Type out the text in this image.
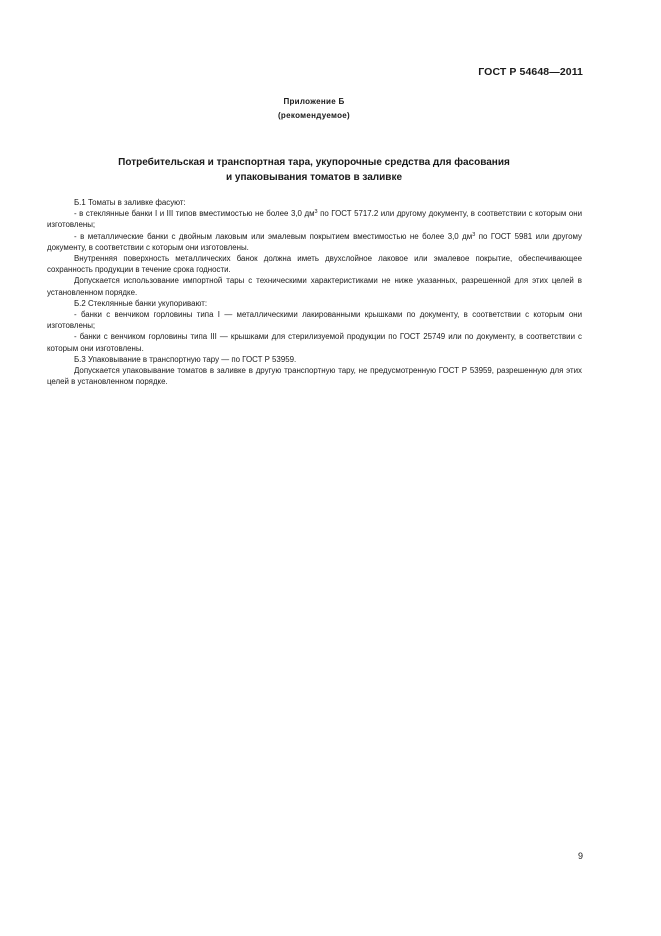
ГОСТ Р 54648—2011
Приложение Б
(рекомендуемое)
Потребительская и транспортная тара, укупорочные средства для фасования
и упаковывания томатов в заливке

Б.1 Томаты в заливке фасуют:

- в стеклянные банки I и III типов вместимостью не более 3,0 $дм^3$ по ГОСТ 5717.2 или другому документу, в соответствии с которым они изготовлены;

- в металлические банки с двойным лаковым или эмалевым покрытием вместимостью не более 3,0 $дм^3$ по ГОСТ 5981 или другому документу, в соответствии с которым они изготовлены.

Внутренняя поверхность металлических банок должна иметь двухслойное лаковое или эмалевое покрытие, обеспечивающее сохранность продукции в течение срока годности.

Допускается использование импортной тары с техническими характеристиками не ниже указанных, разрешенной для этих целей в установленном порядке.

Б.2 Стеклянные банки укупоривают:

- банки с венчиком горловины типа I — металлическими лакированными крышками по документу, в соответствии с которым они изготовлены;

- банки с венчиком горловины типа III — крышками для стерилизуемой продукции по ГОСТ 25749 или по документу, в соответствии с которым они изготовлены.

Б.3 Упаковывание в транспортную тару — по ГОСТ Р 53959.

Допускается упаковывание томатов в заливке в другую транспортную тару, не предусмотренную ГОСТ Р 53959, разрешенную для этих целей в установленном порядке.

9
